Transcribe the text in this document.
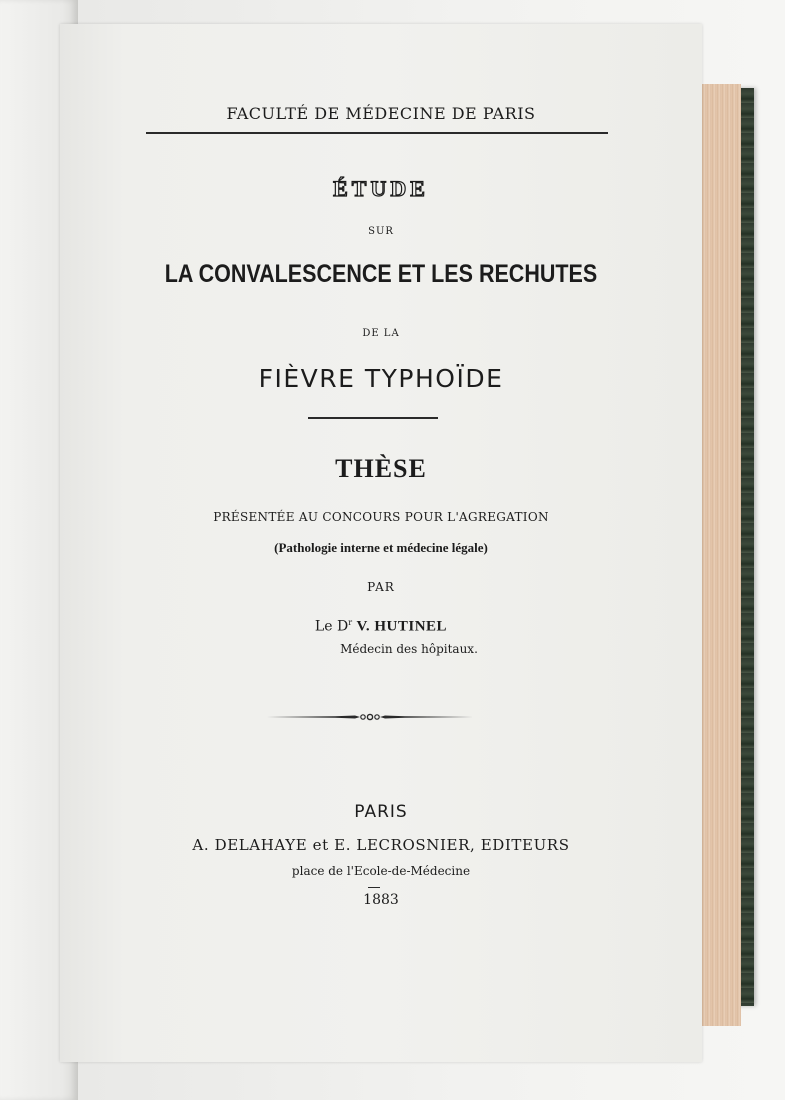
FACULTÉ DE MÉDECINE DE PARIS
ÉTUDE
SUR
LA CONVALESCENCE ET LES RECHUTES
DE LA
FIÈVRE TYPHOÏDE
THÈSE
PRÉSENTÉE AU CONCOURS POUR L'AGREGATION
(Pathologie interne et médecine légale)
PAR
Le $D^r$ V. HUTINEL
Médecin des hôpitaux.
PARIS
A. DELAHAYE et E. LECROSNIER, EDITEURS
place de l'Ecole-de-Médecine
1883
